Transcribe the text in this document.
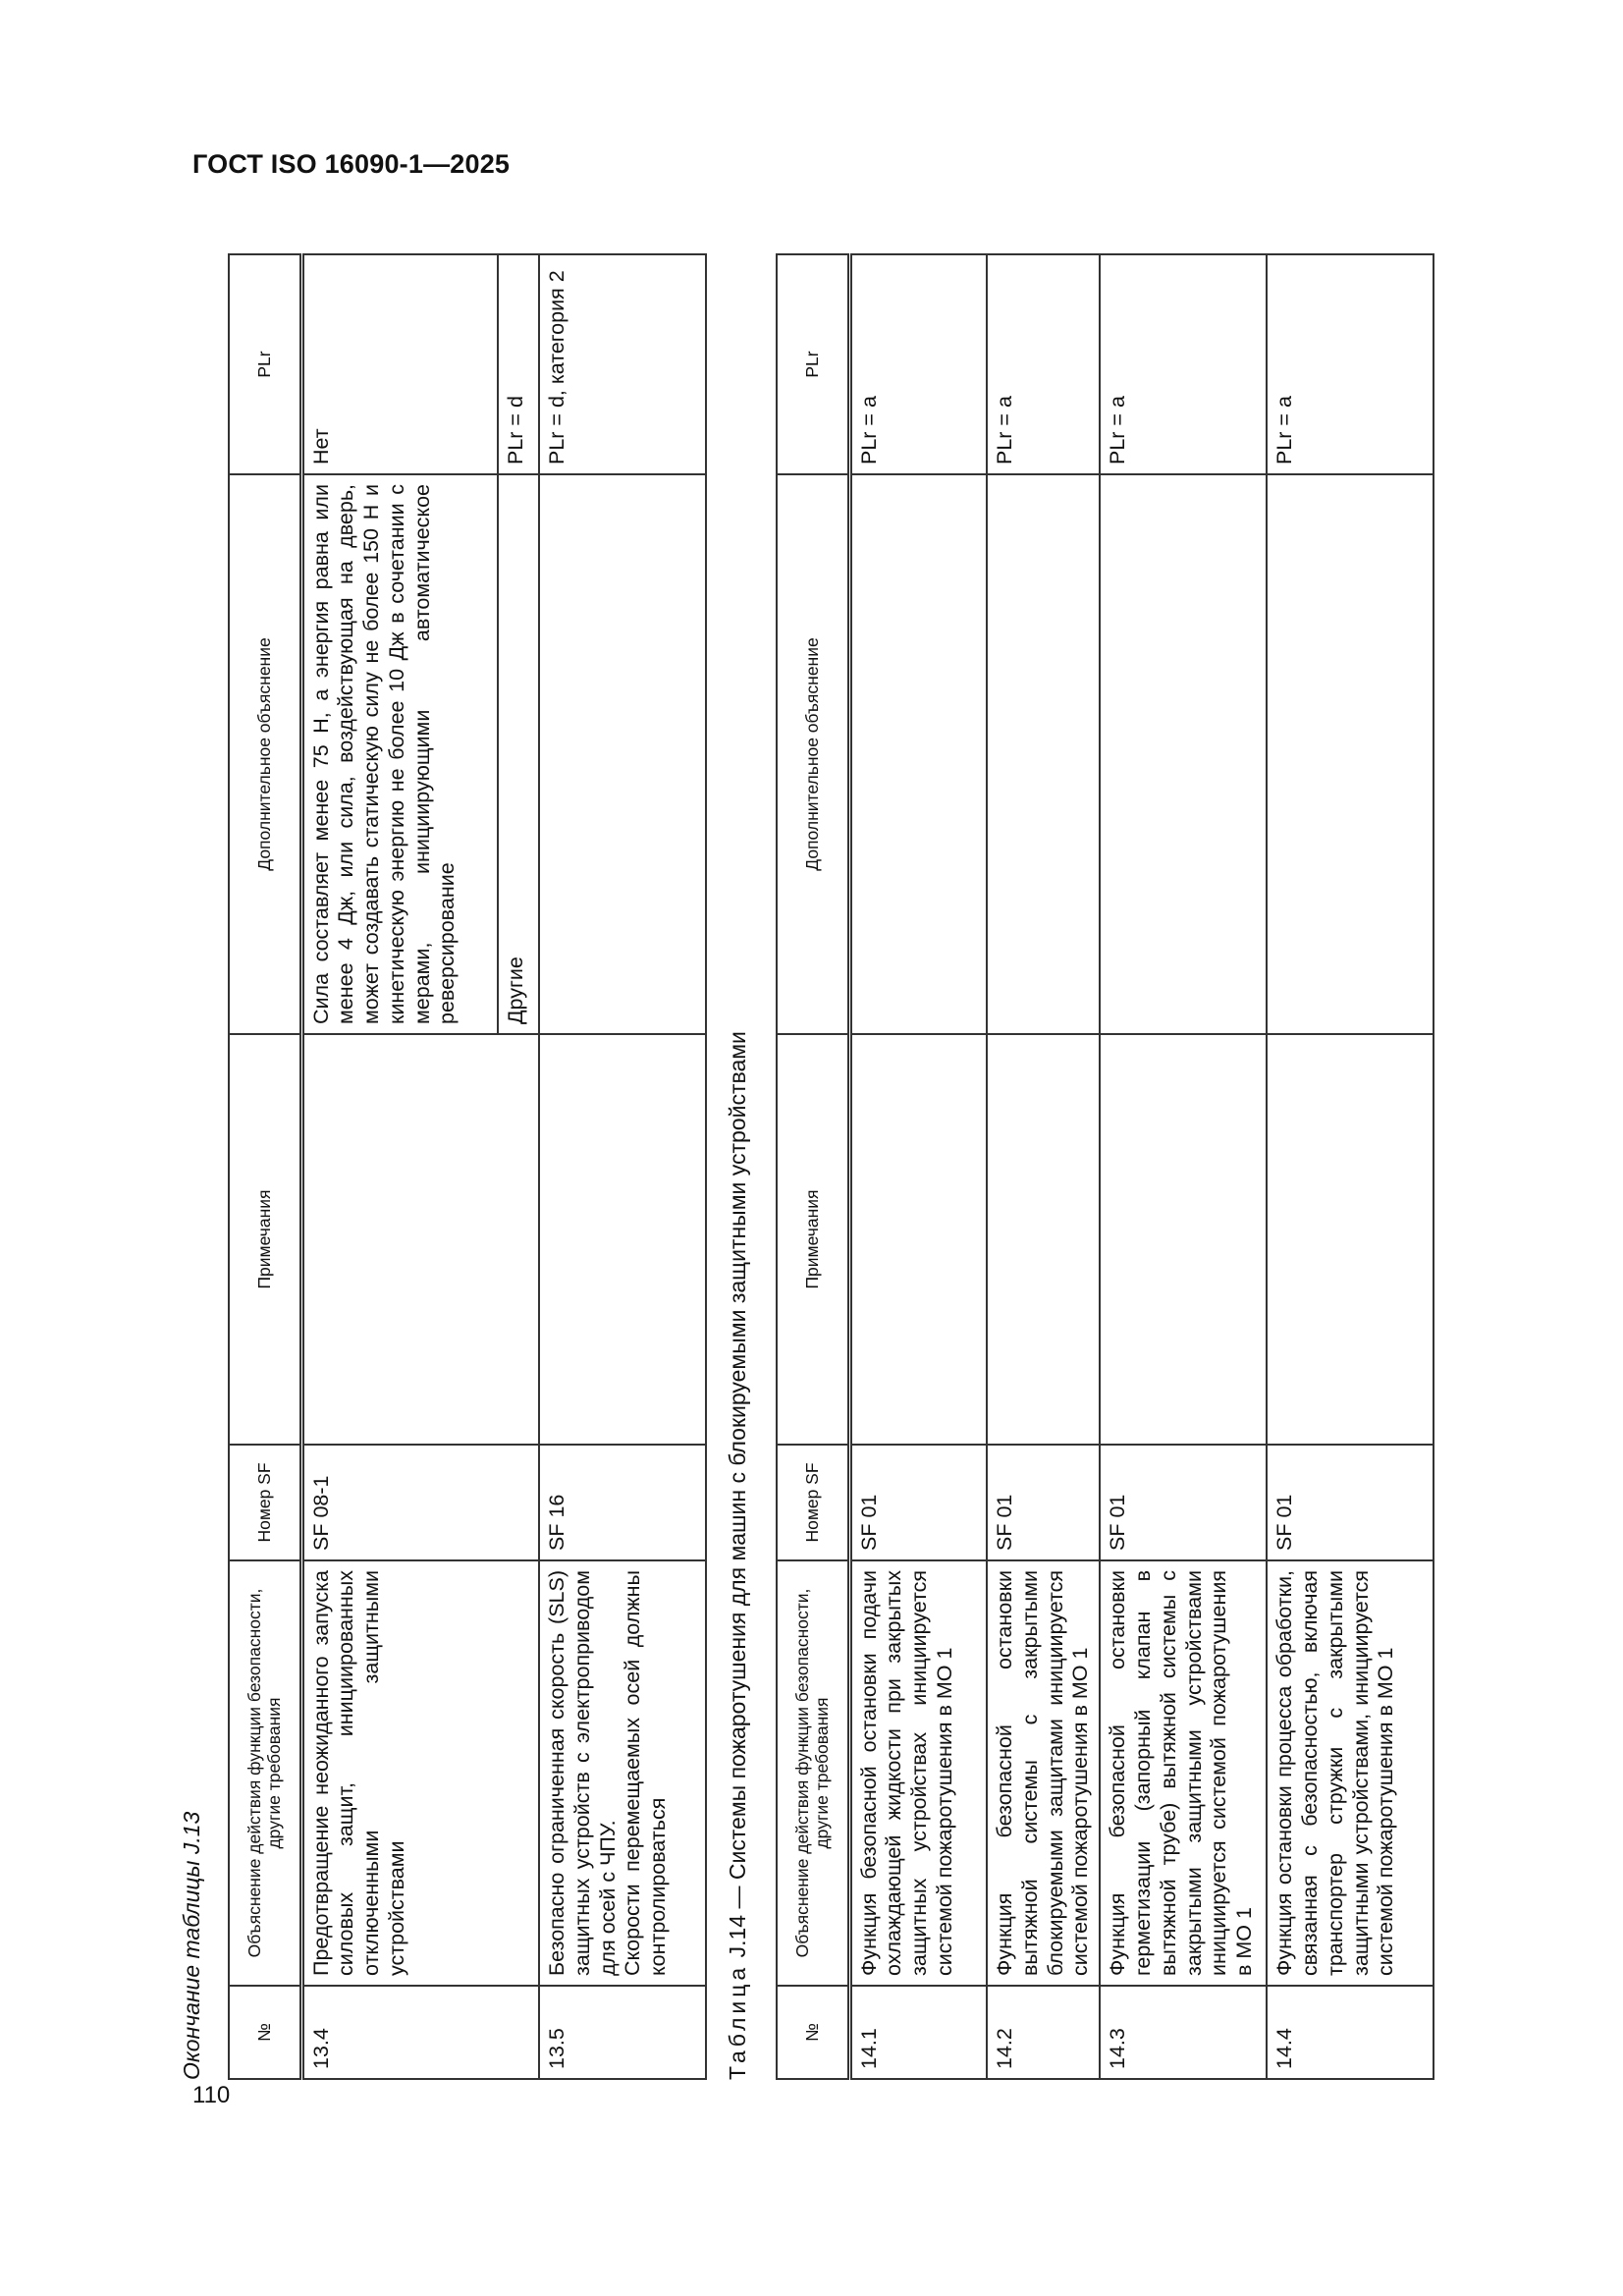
ГОСТ ISO 16090-1—2025
110
Окончание таблицы J.13	№	Объяснение действия функции безопасности, другие требования	Номер SF	Примечания	Дополнительное объяснение	PLr
13.4	Предотвращение неожиданного запуска силовых защит, инициированных отключенными защитными устройствами	SF 08-1		Сила составляет менее 75 Н, а энергия равна или менее 4 Дж, или сила, воздействующая на дверь, может создавать статическую силу не более 150 Н и кинетическую энергию не более 10 Дж в сочетании с мерами, инициирующими автоматическое реверсирование	Нет
				Другие	PLr = d
13.5	Безопасно ограниченная скорость (SLS) защитных устройств с электроприводом для осей с ЧПУ. Скорости перемещаемых осей должны контролироваться	SF 16			PLr = d, категория 2
Таблица J.14 — Системы пожаротушения для машин с блокируемыми защитными устройствами
№	Объяснение действия функции безопасности, другие требования	Номер SF	Примечания	Дополнительное объяснение	PLr
14.1	Функция безопасной остановки подачи охлаждающей жидкости при закрытых защитных устройствах инициируется системой пожаротушения в МО 1	SF 01			PLr = a
14.2	Функция безопасной остановки вытяжной системы с закрытыми блокируемыми защитами инициируется системой пожаротушения в МО 1	SF 01			PLr = a
14.3	Функция безопасной остановки герметизации (запорный клапан в вытяжной трубе) вытяжной системы с закрытыми защитными устройствами инициируется системой пожаротушения в МО 1	SF 01			PLr = a
14.4	Функция остановки процесса обработки, связанная с безопасностью, включая транспортер стружки с закрытыми защитными устройствами, инициируется системой пожаротушения в МО 1	SF 01			PLr = a
